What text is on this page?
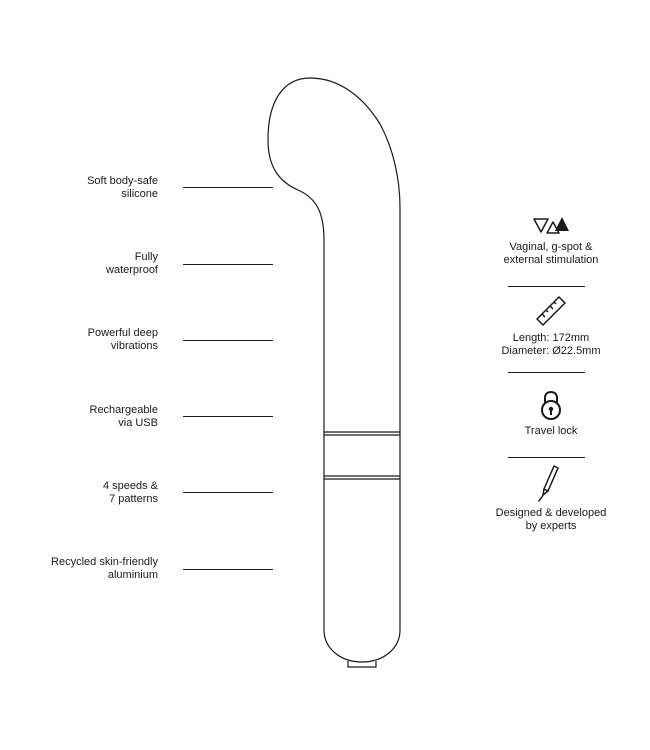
Soft body-safe
silicone
Fully
waterproof
Powerful deep
vibrations
Rechargeable
via USB
4 speeds &
7 patterns
Recycled skin-friendly
aluminium
Vaginal, g-spot &
external stimulation
Length: 172mm
Diameter: Ø22.5mm
Travel lock
Designed & developed
by experts
